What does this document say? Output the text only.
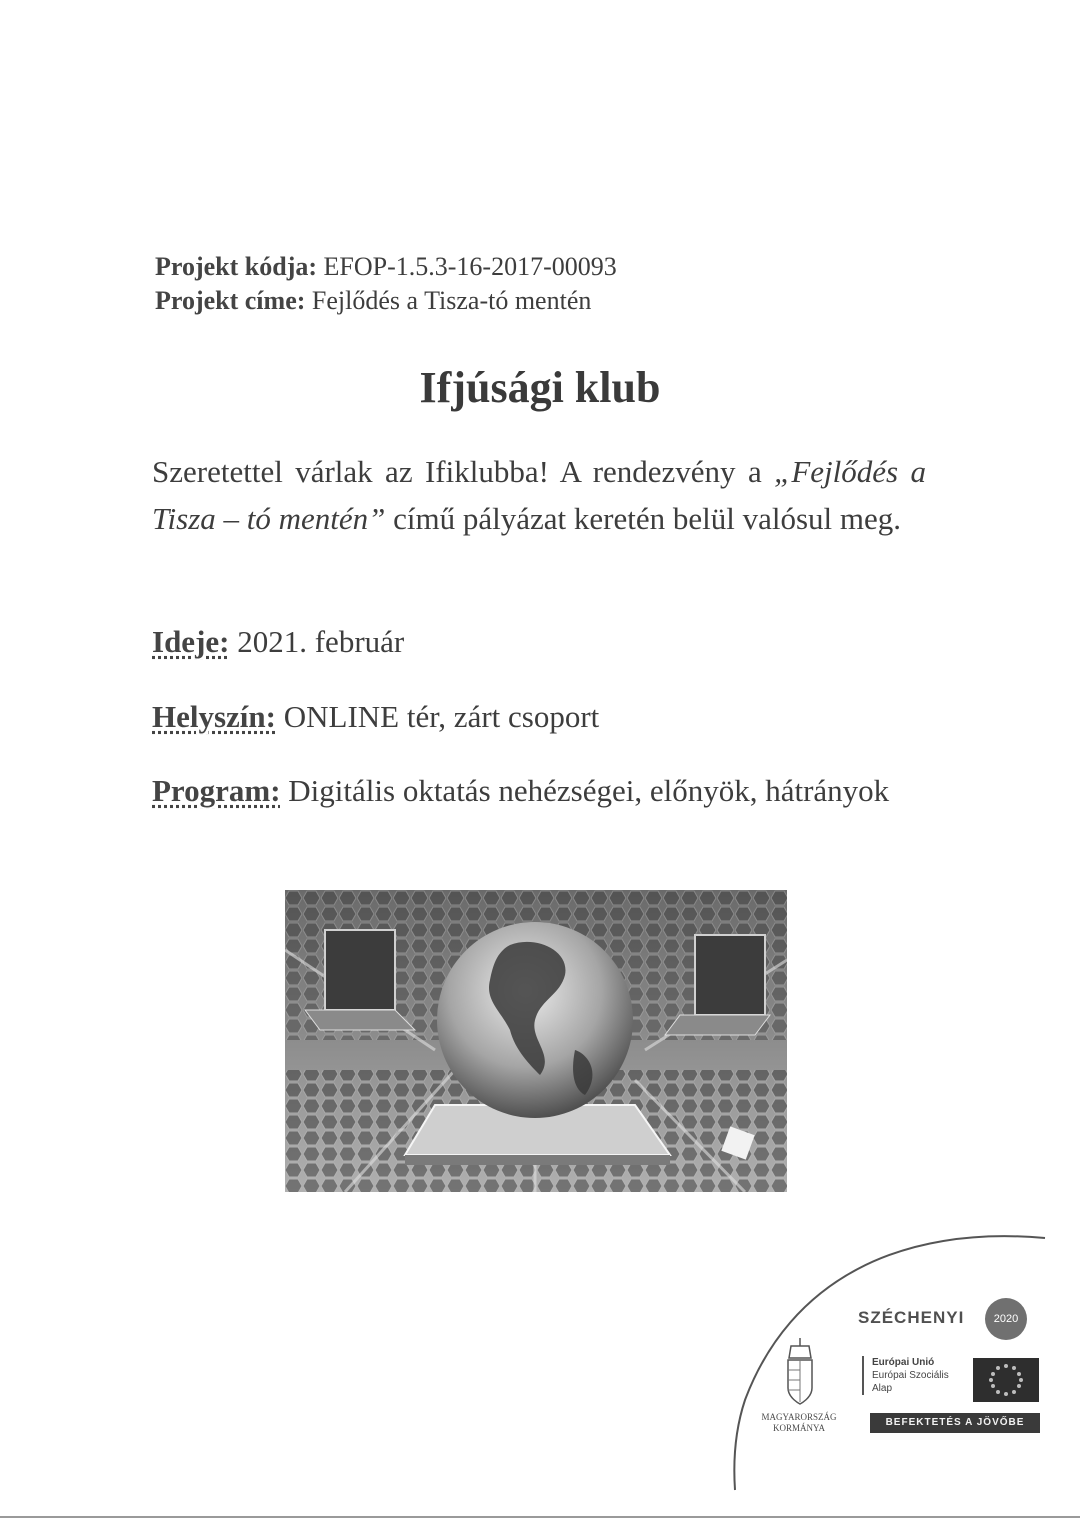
Projekt kódja: EFOP-1.5.3-16-2017-00093
Projekt címe: Fejlődés a Tisza-tó mentén
Ifjúsági klub
Szeretettel várlak az Ifiklubba! A rendezvény a „Fejlődés a Tisza – tó mentén” című pályázat keretén belül valósul meg.
Ideje: 2021. február
Helyszín: ONLINE tér, zárt csoport
Program: Digitális oktatás nehézségei, előnyök, hátrányok
SZÉCHENYI	2020
MAGYARORSZÁG
KORMÁNYA
Európai Unió
Európai Szociális
Alap
BEFEKTETÉS A JÖVŐBE
